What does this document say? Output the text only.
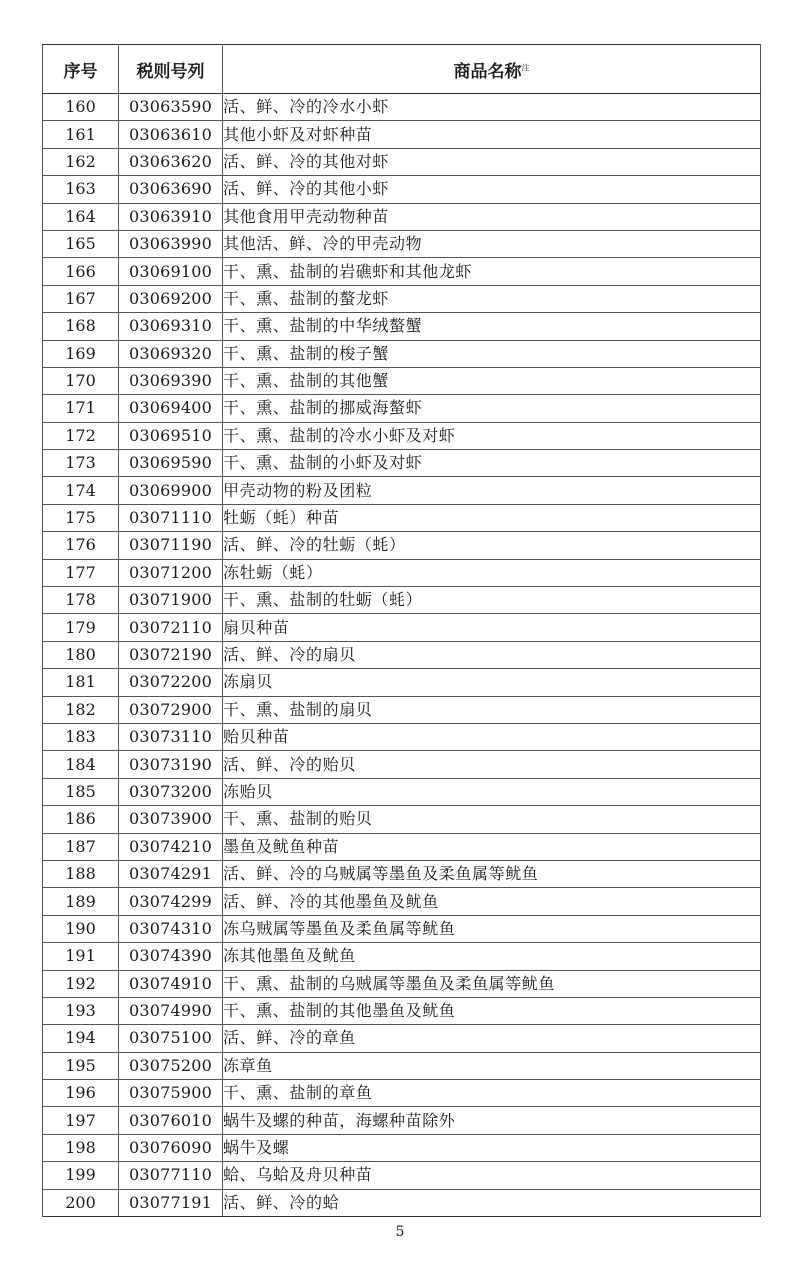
序号	税则号列	商品名称$^注$
160	03063590	活、鲜、冷的冷水小虾
161	03063610	其他小虾及对虾种苗
162	03063620	活、鲜、冷的其他对虾
163	03063690	活、鲜、冷的其他小虾
164	03063910	其他食用甲壳动物种苗
165	03063990	其他活、鲜、冷的甲壳动物
166	03069100	干、熏、盐制的岩礁虾和其他龙虾
167	03069200	干、熏、盐制的螯龙虾
168	03069310	干、熏、盐制的中华绒螯蟹
169	03069320	干、熏、盐制的梭子蟹
170	03069390	干、熏、盐制的其他蟹
171	03069400	干、熏、盐制的挪威海螯虾
172	03069510	干、熏、盐制的冷水小虾及对虾
173	03069590	干、熏、盐制的小虾及对虾
174	03069900	甲壳动物的粉及团粒
175	03071110	牡蛎（蚝）种苗
176	03071190	活、鲜、冷的牡蛎（蚝）
177	03071200	冻牡蛎（蚝）
178	03071900	干、熏、盐制的牡蛎（蚝）
179	03072110	扇贝种苗
180	03072190	活、鲜、冷的扇贝
181	03072200	冻扇贝
182	03072900	干、熏、盐制的扇贝
183	03073110	贻贝种苗
184	03073190	活、鲜、冷的贻贝
185	03073200	冻贻贝
186	03073900	干、熏、盐制的贻贝
187	03074210	墨鱼及鱿鱼种苗
188	03074291	活、鲜、冷的乌贼属等墨鱼及柔鱼属等鱿鱼
189	03074299	活、鲜、冷的其他墨鱼及鱿鱼
190	03074310	冻乌贼属等墨鱼及柔鱼属等鱿鱼
191	03074390	冻其他墨鱼及鱿鱼
192	03074910	干、熏、盐制的乌贼属等墨鱼及柔鱼属等鱿鱼
193	03074990	干、熏、盐制的其他墨鱼及鱿鱼
194	03075100	活、鲜、冷的章鱼
195	03075200	冻章鱼
196	03075900	干、熏、盐制的章鱼
197	03076010	蜗牛及螺的种苗，海螺种苗除外
198	03076090	蜗牛及螺
199	03077110	蛤、乌蛤及舟贝种苗
200	03077191	活、鲜、冷的蛤
5
